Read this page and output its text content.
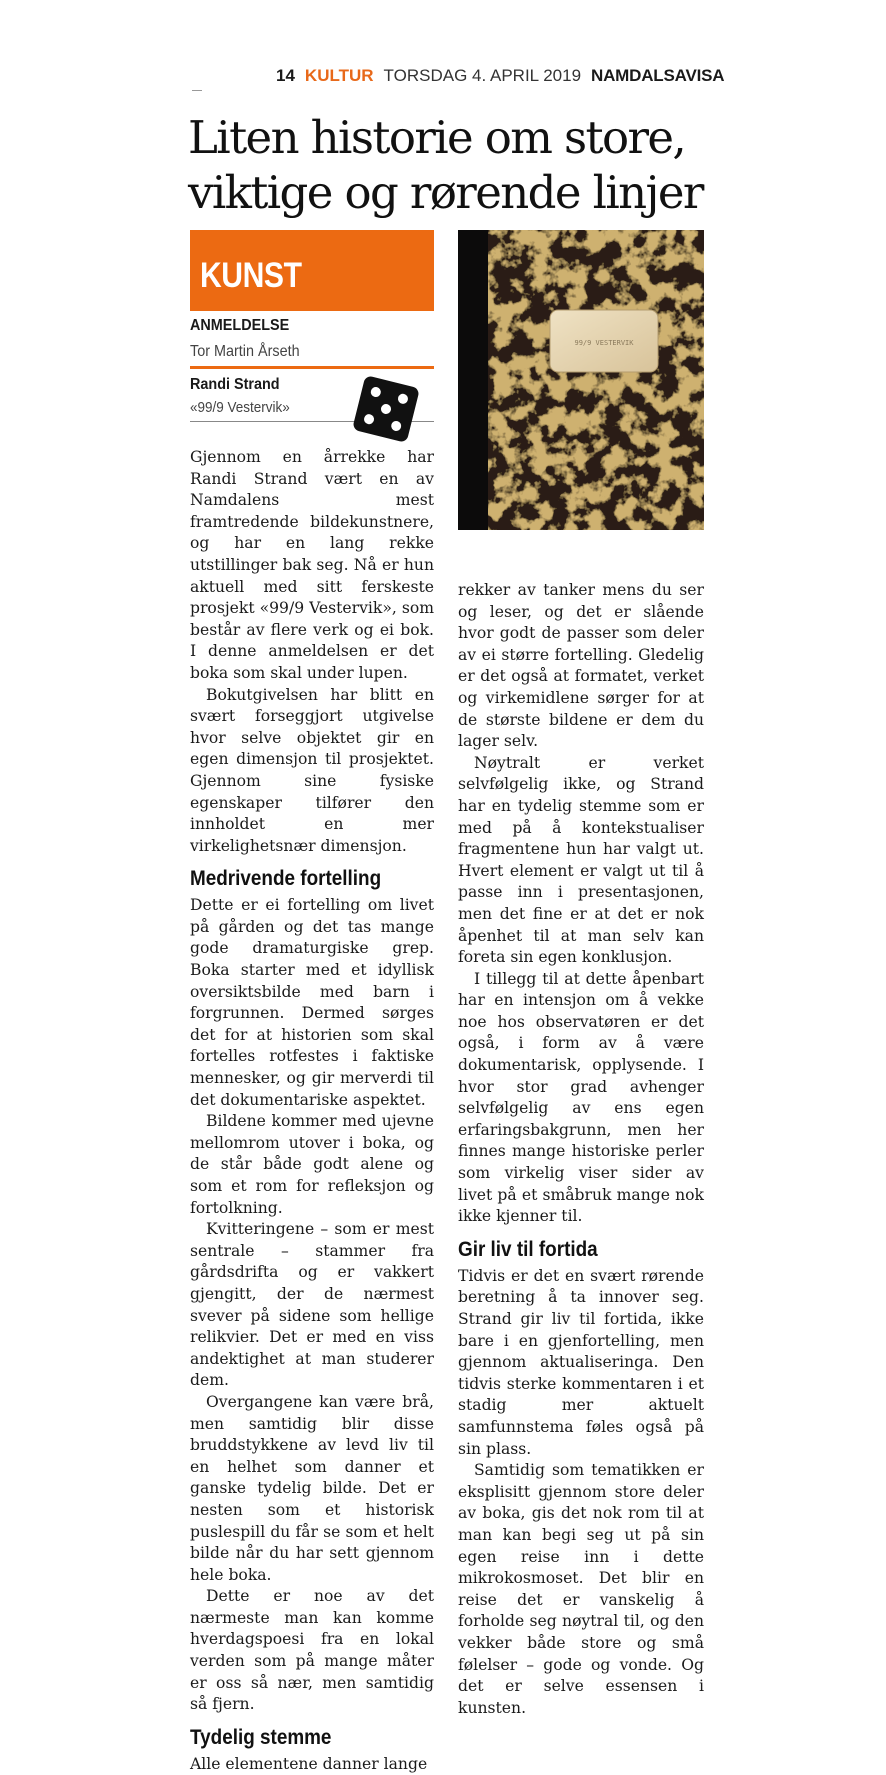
14 KULTUR TORSDAG 4. APRIL 2019 NAMDALSAVISA
Liten historie om store, viktige og rørende linjer
KUNST
ANMELDELSE
Tor Martin Årseth
Randi Strand
«99/9 Vestervik»
99/9 VESTERVIK

Gjennom en årrekke har Randi Strand vært en av Namdalens mest framtredende bildekunstnere, og har en lang rekke utstillinger bak seg. Nå er hun aktuell med sitt ferskeste prosjekt «99/9 Vestervik», som består av flere verk og ei bok. I denne anmeldelsen er det boka som skal under lupen.

Bokutgivelsen har blitt en svært forseggjort utgivelse hvor selve objektet gir en egen dimensjon til prosjektet. Gjennom sine fysiske egenskaper tilfører den innholdet en mer virkelighetsnær dimensjon.

Medrivende fortelling

Dette er ei fortelling om livet på gården og det tas mange gode dramaturgiske grep. Boka starter med et idyllisk oversiktsbilde med barn i forgrunnen. Dermed sørges det for at historien som skal fortelles rotfestes i faktiske mennesker, og gir merverdi til det dokumentariske aspektet.

Bildene kommer med ujevne mellomrom utover i boka, og de står både godt alene og som et rom for refleksjon og fortolkning.

Kvitteringene – som er mest sentrale – stammer fra gårdsdrifta og er vakkert gjengitt, der de nærmest svever på sidene som hellige relikvier. Det er med en viss andektighet at man studerer dem.

Overgangene kan være brå, men samtidig blir disse bruddstykkene av levd liv til en helhet som danner et ganske tydelig bilde. Det er nesten som et historisk puslespill du får se som et helt bilde når du har sett gjennom hele boka.

Dette er noe av det nærmeste man kan komme hverdagspoesi fra en lokal verden som på mange måter er oss så nær, men samtidig så fjern.

Tydelig stemme

Alle elementene danner lange

rekker av tanker mens du ser og leser, og det er slående hvor godt de passer som deler av ei større fortelling. Gledelig er det også at formatet, verket og virkemidlene sørger for at de største bildene er dem du lager selv.

Nøytralt er verket selvfølgelig ikke, og Strand har en tydelig stemme som er med på å kontekstualiser fragmentene hun har valgt ut. Hvert element er valgt ut til å passe inn i presentasjonen, men det fine er at det er nok åpenhet til at man selv kan foreta sin egen konklusjon.

I tillegg til at dette åpenbart har en intensjon om å vekke noe hos observatøren er det også, i form av å være dokumentarisk, opplysende. I hvor stor grad avhenger selvfølgelig av ens egen erfaringsbakgrunn, men her finnes mange historiske perler som virkelig viser sider av livet på et småbruk mange nok ikke kjenner til.

Gir liv til fortida

Tidvis er det en svært rørende beretning å ta innover seg. Strand gir liv til fortida, ikke bare i en gjenfortelling, men gjennom aktualiseringa. Den tidvis sterke kommentaren i et stadig mer aktuelt samfunnstema føles også på sin plass.

Samtidig som tematikken er eksplisitt gjennom store deler av boka, gis det nok rom til at man kan begi seg ut på sin egen reise inn i dette mikrokosmoset. Det blir en reise det er vanskelig å forholde seg nøytral til, og den vekker både store og små følelser – gode og vonde. Og det er selve essensen i kunsten.
